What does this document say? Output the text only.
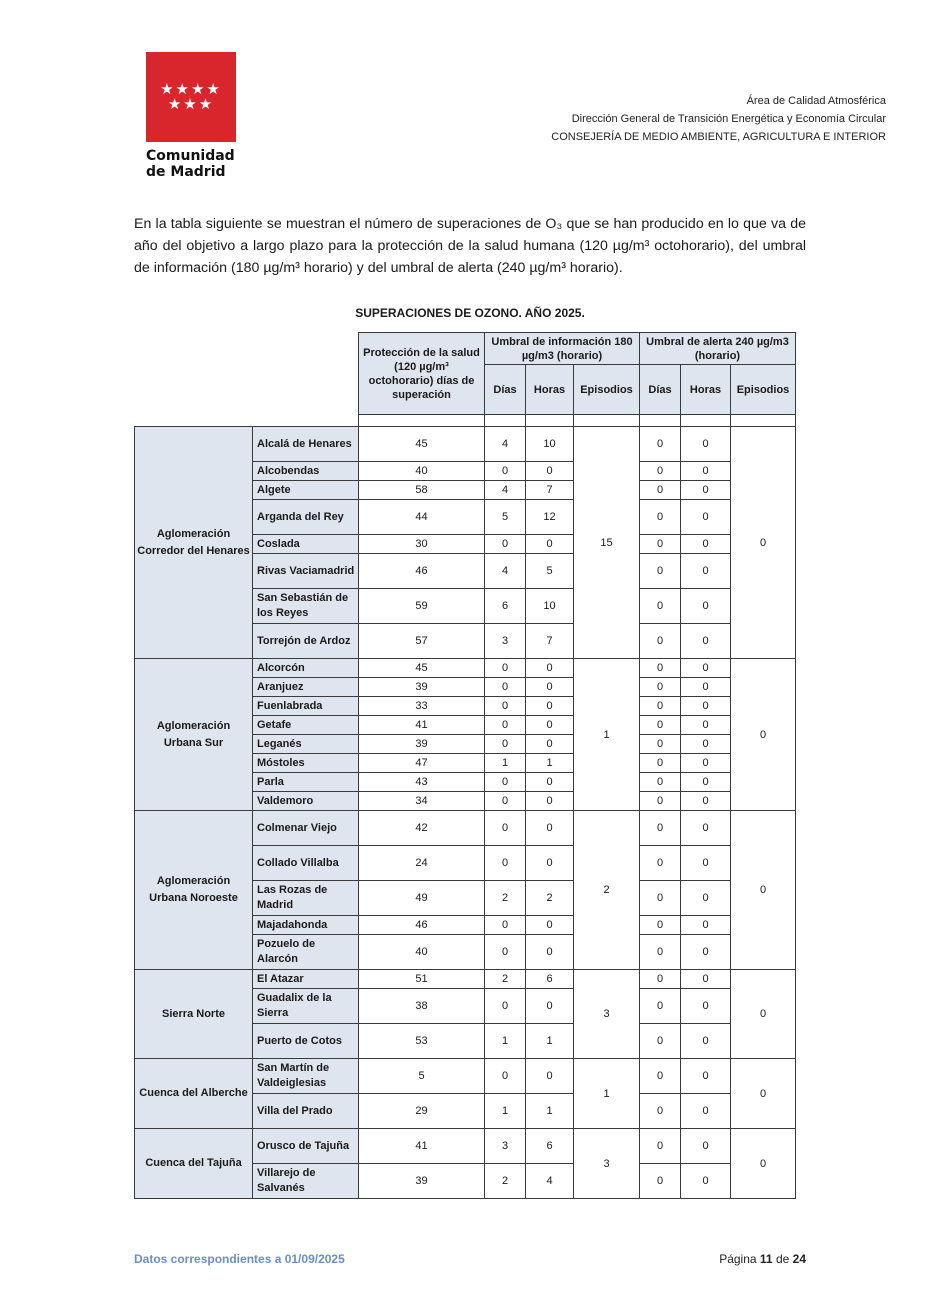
★★★★
★★★
Comunidad
de Madrid
Área de Calidad Atmosférica
Dirección General de Transición Energética y Economía Circular
CONSEJERÍA DE MEDIO AMBIENTE, AGRICULTURA E INTERIOR
En la tabla siguiente se muestran el número de superaciones de O₃ que se han producido en lo que va de año del objetivo a largo plazo para la protección de la salud humana (120 µg/m³ octohorario), del umbral de información (180 µg/m³ horario) y del umbral de alerta (240 µg/m³ horario).
SUPERACIONES DE OZONO. AÑO 2025.
		Protección de la salud (120 µg/m³ octohorario) días de superación	Umbral de información 180 µg/m3 (horario)			Umbral de alerta 240 µg/m3 (horario)		
			Días	Horas	Episodios	Días	Horas	Episodios

Aglomeración Corredor del Henares	Alcalá de Henares	45	4	10	15	0	0	0
	Alcobendas	40	0	0		0	0	
	Algete	58	4	7		0	0	
	Arganda del Rey	44	5	12		0	0	
	Coslada	30	0	0		0	0	
	Rivas Vaciamadrid	46	4	5		0	0	
	San Sebastián de los Reyes	59	6	10		0	0	
	Torrejón de Ardoz	57	3	7		0	0	
Aglomeración Urbana Sur	Alcorcón	45	0	0	1	0	0	0
	Aranjuez	39	0	0		0	0	
	Fuenlabrada	33	0	0		0	0	
	Getafe	41	0	0		0	0	
	Leganés	39	0	0		0	0	
	Móstoles	47	1	1		0	0	
	Parla	43	0	0		0	0	
	Valdemoro	34	0	0		0	0	
Aglomeración Urbana Noroeste	Colmenar Viejo	42	0	0	2	0	0	0
	Collado Villalba	24	0	0		0	0	
	Las Rozas de Madrid	49	2	2		0	0	
	Majadahonda	46	0	0		0	0	
	Pozuelo de Alarcón	40	0	0		0	0	
Sierra Norte	El Atazar	51	2	6	3	0	0	0
	Guadalix de la Sierra	38	0	0		0	0	
	Puerto de Cotos	53	1	1		0	0	
Cuenca del Alberche	San Martín de Valdeiglesias	5	0	0	1	0	0	0
	Villa del Prado	29	1	1		0	0	
Cuenca del Tajuña	Orusco de Tajuña	41	3	6	3	0	0	0
	Villarejo de Salvanés	39	2	4		0	0	
Datos correspondientes a 01/09/2025	Página 11 de 24
